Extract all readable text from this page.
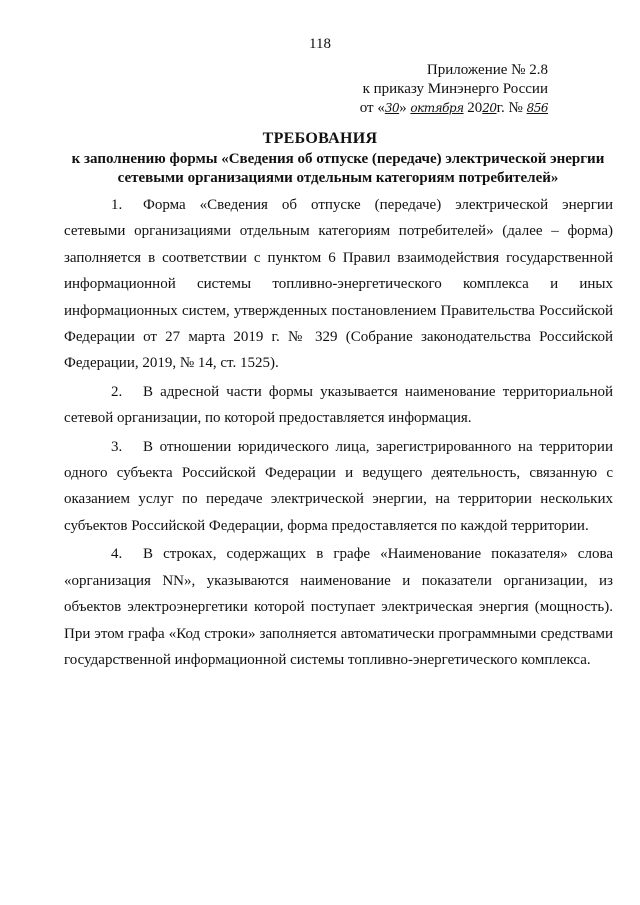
118
Приложение № 2.8
к приказу Минэнерго России
от «30» октября 2020г. № 856
ТРЕБОВАНИЯ
к заполнению формы «Сведения об отпуске (передаче) электрической энергии сетевыми организациями отдельным категориям потребителей»

1. Форма «Сведения об отпуске (передаче) электрической энергии сетевыми организациями отдельным категориям потребителей» (далее – форма) заполняется в соответствии с пунктом 6 Правил взаимодействия государственной информационной системы топливно-энергетического комплекса и иных информационных систем, утвержденных постановлением Правительства Российской Федерации от 27 марта 2019 г. № 329 (Собрание законодательства Российской Федерации, 2019, № 14, ст. 1525).

2. В адресной части формы указывается наименование территориальной сетевой организации, по которой предоставляется информация.

3. В отношении юридического лица, зарегистрированного на территории одного субъекта Российской Федерации и ведущего деятельность, связанную с оказанием услуг по передаче электрической энергии, на территории нескольких субъектов Российской Федерации, форма предоставляется по каждой территории.

4. В строках, содержащих в графе «Наименование показателя» слова «организация NN», указываются наименование и показатели организации, из объектов электроэнергетики которой поступает электрическая энергия (мощность). При этом графа «Код строки» заполняется автоматически программными средствами государственной информационной системы топливно-энергетического комплекса.
